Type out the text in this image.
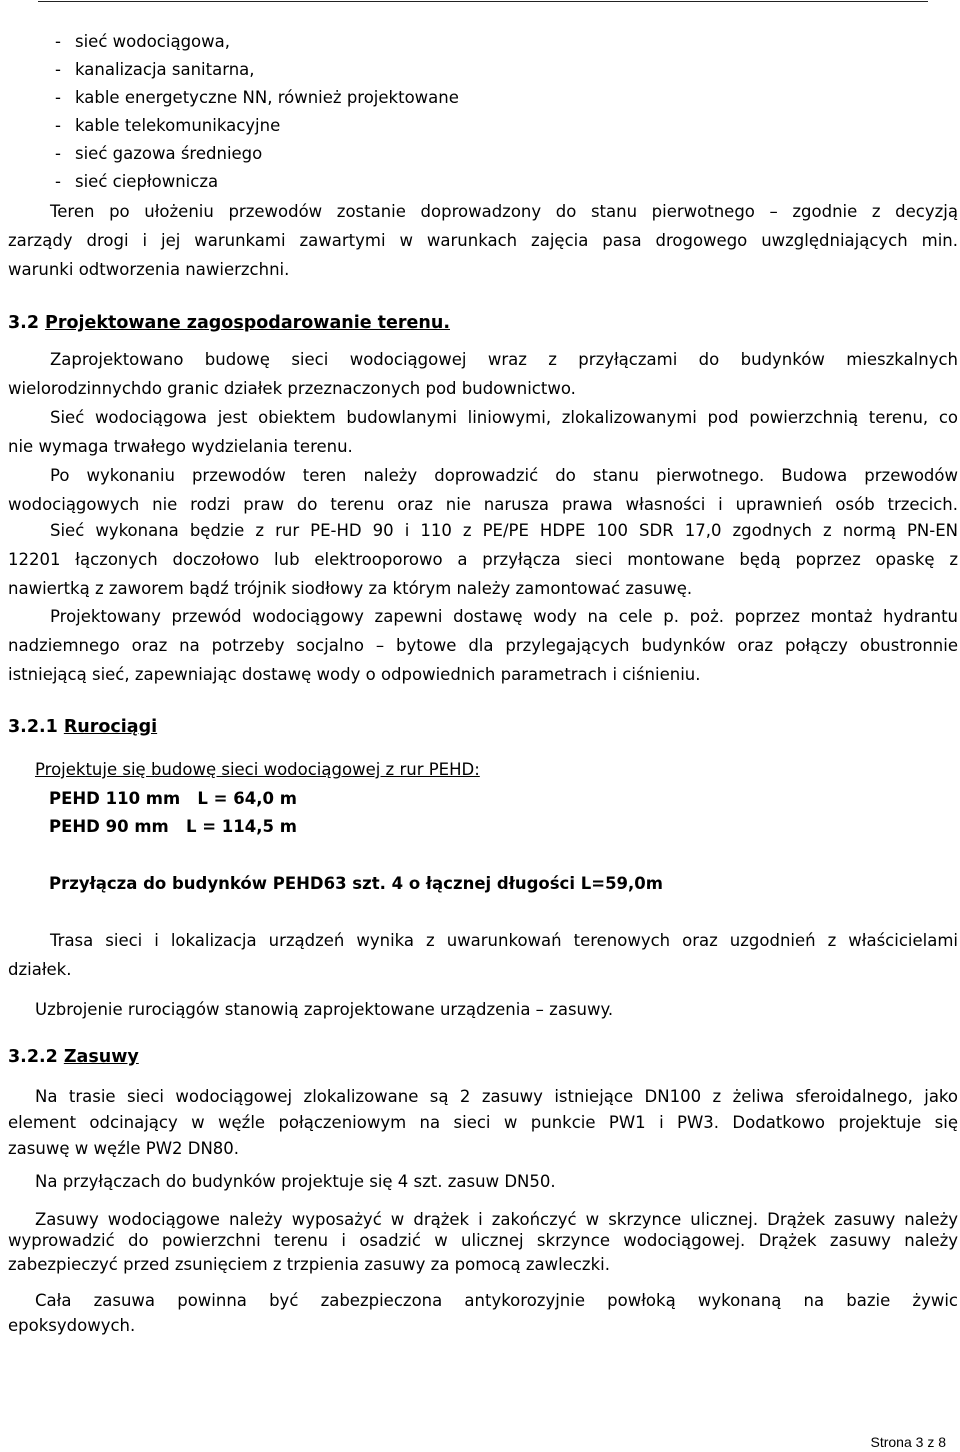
- sieć wodociągowa,
- kanalizacja sanitarna,
- kable energetyczne NN, również projektowane
- kable telekomunikacyjne
- sieć gazowa średniego
- sieć ciepłownicza
Teren po ułożeniu przewodów zostanie doprowadzony do stanu pierwotnego – zgodnie z decyzją
zarządy drogi i jej warunkami zawartymi w warunkach zajęcia pasa drogowego uwzględniających min.
warunki odtworzenia nawierzchni.
3.2 Projektowane zagospodarowanie terenu.
Zaprojektowano budowę sieci wodociągowej wraz z przyłączami do budynków mieszkalnych
wielorodzinnychdo granic działek przeznaczonych pod budownictwo.
Sieć wodociągowa jest obiektem budowlanymi liniowymi, zlokalizowanymi pod powierzchnią terenu, co
nie wymaga trwałego wydzielania terenu.
Po wykonaniu przewodów teren należy doprowadzić do stanu pierwotnego. Budowa przewodów
wodociągowych nie rodzi praw do terenu oraz nie narusza prawa własności i uprawnień osób trzecich.
Sieć wykonana będzie z rur PE-HD 90 i 110 z PE/PE HDPE 100 SDR 17,0 zgodnych z normą PN-EN
12201 łączonych doczołowo lub elektrooporowo a przyłącza sieci montowane będą poprzez opaskę z
nawiertką z zaworem bądź trójnik siodłowy za którym należy zamontować zasuwę.
Projektowany przewód wodociągowy zapewni dostawę wody na cele p. poż. poprzez montaż hydrantu
nadziemnego oraz na potrzeby socjalno – bytowe dla przylegających budynków oraz połączy obustronnie
istniejącą sieć, zapewniając dostawę wody o odpowiednich parametrach i ciśnieniu.
3.2.1 Rurociągi
Projektuje się budowę sieci wodociągowej z rur PEHD:
PEHD 110 mm   L = 64,0 m
PEHD 90 mm   L = 114,5 m
Przyłącza do budynków PEHD63 szt. 4 o łącznej długości L=59,0m
Trasa sieci i lokalizacja urządzeń wynika z uwarunkowań terenowych oraz uzgodnień z właścicielami
działek.
Uzbrojenie rurociągów stanowią zaprojektowane urządzenia – zasuwy.
3.2.2 Zasuwy
Na trasie sieci wodociągowej zlokalizowane są 2 zasuwy istniejące DN100 z żeliwa sferoidalnego, jako
element odcinający w węźle połączeniowym na sieci w punkcie PW1 i PW3. Dodatkowo projektuje się
zasuwę w węźle PW2 DN80.
Na przyłączach do budynków projektuje się 4 szt. zasuw DN50.
Zasuwy wodociągowe należy wyposażyć w drążek i zakończyć w skrzynce ulicznej. Drążek zasuwy należy
wyprowadzić do powierzchni terenu i osadzić w ulicznej skrzynce wodociągowej. Drążek zasuwy należy
zabezpieczyć przed zsunięciem z trzpienia zasuwy za pomocą zawleczki.
Cała zasuwa powinna być zabezpieczona antykorozyjnie powłoką wykonaną na bazie żywic
epoksydowych.
Strona 3 z 8
